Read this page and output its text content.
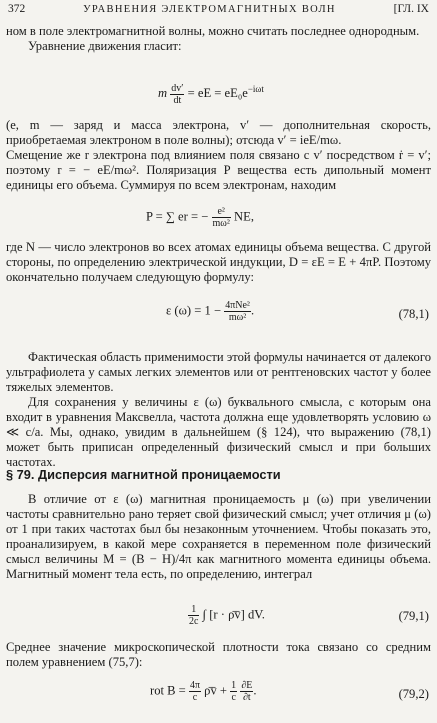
372	УРАВНЕНИЯ ЭЛЕКТРОМАГНИТНЫХ ВОЛН	[ГЛ. IX

ном в поле электромагнитной волны, можно считать последнее однородным.

Уравнение движения гласит:

m $\frac{dv'}{dt}$ = eE = $eE_0e^{-i\omega t}$

(e, m — заряд и масса электрона, v′ — дополнительная скорость, приобретаемая электроном в поле волны); отсюда v′ = ieE/mω.

Смещение же r электрона под влиянием поля связано с v′ посредством ṙ = v′; поэтому r = − eE/mω². Поляризация P вещества есть дипольный момент единицы его объема. Суммируя по всем электронам, находим

P = ∑ er = − $\frac{\text{e²}}{\text{mω²}}$ NE,

где N — число электронов во всех атомах единицы объема вещества. С другой стороны, по определению электрической индукции, D = εE = E + 4πP. Поэтому окончательно получаем следующую формулу:

ε $(\omega) = 1 - \frac{\text{4πNe²}}{\text{mω²}}$ .	(78,1)

Фактическая область применимости этой формулы начинается от далекого ультрафиолета у самых легких элементов или от рентгеновских частот у более тяжелых элементов.

Для сохранения у величины ε (ω) буквального смысла, с которым она входит в уравнения Максвелла, частота должна еще удовлетворять условию ω ≪ c/a. Мы, однако, увидим в дальнейшем (§ 124), что выражению (78,1) может быть приписан определенный физический смысл и при больших частотах.

§ 79. Дисперсия магнитной проницаемости

В отличие от ε (ω) магнитная проницаемость μ (ω) при увеличении частоты сравнительно рано теряет свой физический смысл; учет отличия μ (ω) от 1 при таких частотах был бы незаконным уточнением. Чтобы показать это, проанализируем, в какой мере сохраняется в переменном поле физический смысл величины M = (B − H)/4π как магнитного момента единицы объема. Магнитный момент тела есть, по определению, интеграл

$\frac{1}{2c}$ ∫ [r · ρ̄v̄] dV.	(79,1)

Среднее значение микроскопической плотности тока связано со средним полем уравнением (75,7):

rot $B = \frac{4\pi}{c}$ ρ̄v̄ + $\frac{1}{c}$
$\frac{\partial E}{\partial t}$ .	(79,2)
